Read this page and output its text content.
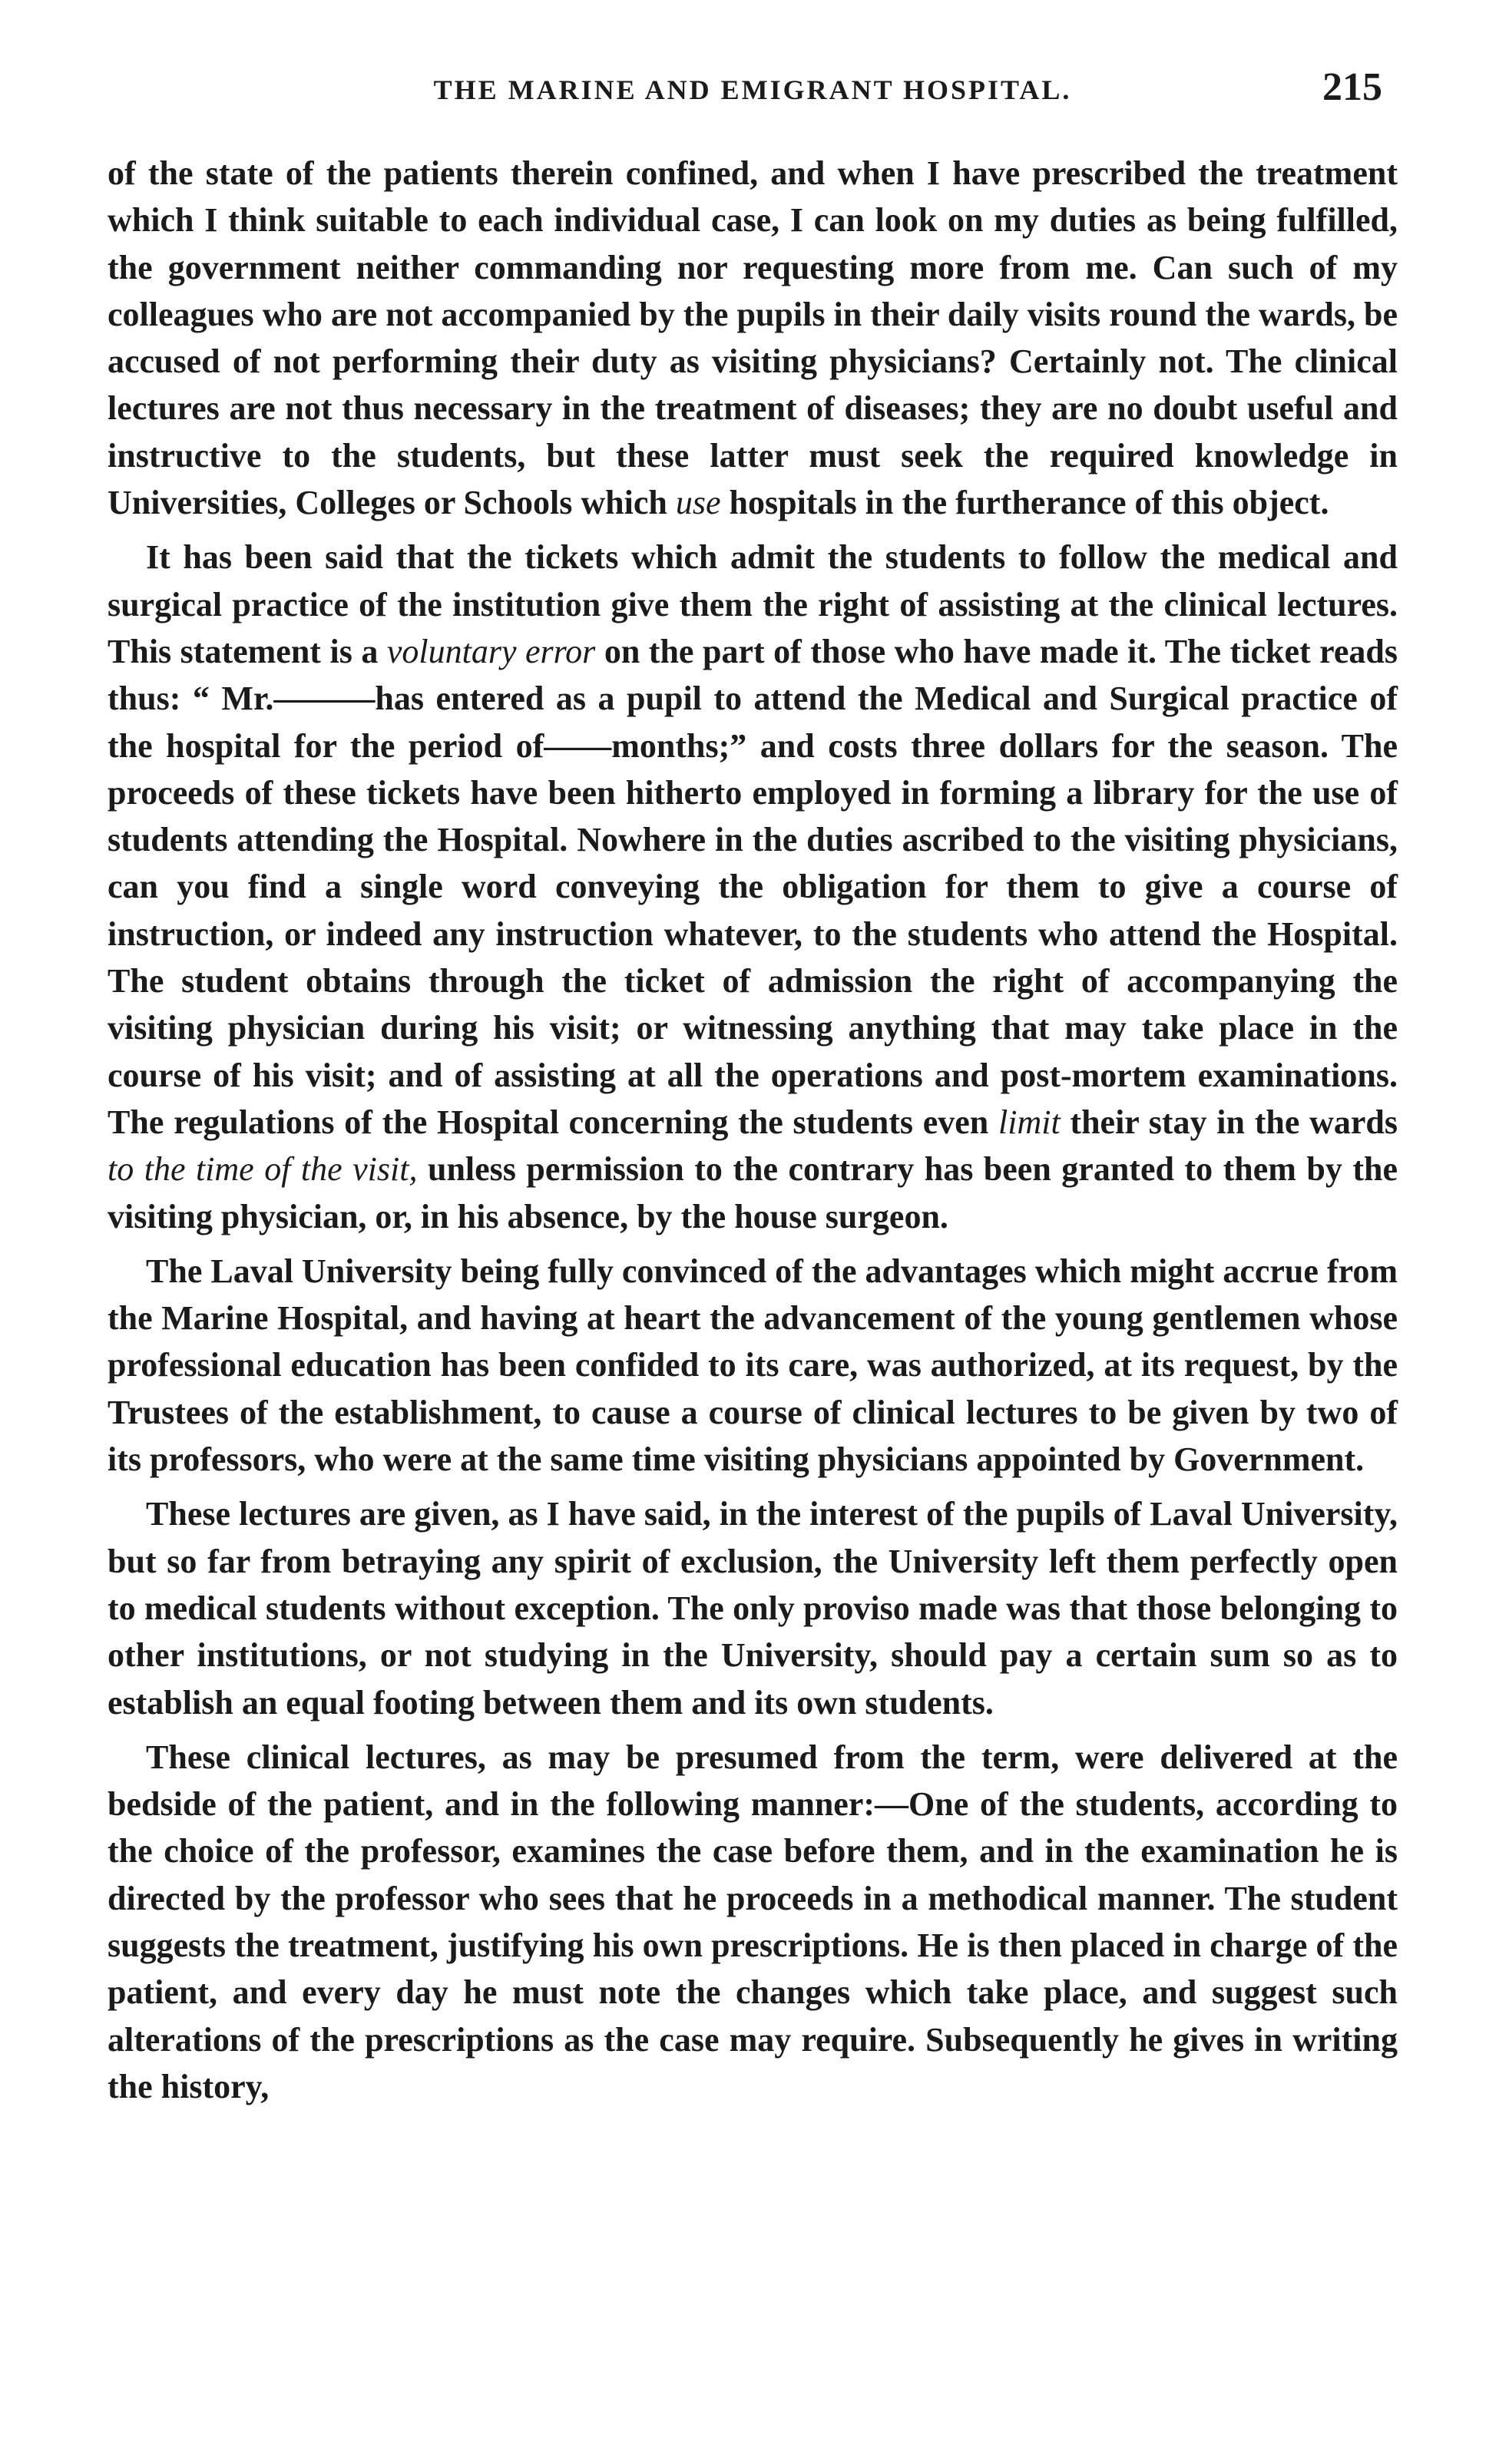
THE MARINE AND EMIGRANT HOSPITAL.	215

of the state of the patients therein confined, and when I have prescribed the treatment which I think suitable to each individual case, I can look on my duties as being fulfilled, the government neither commanding nor requesting more from me. Can such of my colleagues who are not accompanied by the pupils in their daily visits round the wards, be accused of not performing their duty as visiting physicians? Certainly not. The clinical lectures are not thus necessary in the treatment of diseases; they are no doubt useful and instructive to the students, but these latter must seek the required knowledge in Universities, Colleges or Schools which use hospitals in the furtherance of this object.

It has been said that the tickets which admit the students to follow the medical and surgical practice of the institution give them the right of assisting at the clinical lectures. This statement is a voluntary error on the part of those who have made it. The ticket reads thus: “ Mr.———has entered as a pupil to attend the Medical and Surgical practice of the hospital for the period of——months;” and costs three dollars for the season. The proceeds of these tickets have been hitherto employed in forming a library for the use of students attending the Hospital. Nowhere in the duties ascribed to the visiting physicians, can you find a single word conveying the obligation for them to give a course of instruction, or indeed any instruction whatever, to the students who attend the Hospital. The student obtains through the ticket of admission the right of accompanying the visiting physician during his visit; or witnessing anything that may take place in the course of his visit; and of assisting at all the operations and post-mortem examinations. The regulations of the Hospital concerning the students even limit their stay in the wards to the time of the visit, unless permission to the contrary has been granted to them by the visiting physician, or, in his absence, by the house surgeon.

The Laval University being fully convinced of the advantages which might accrue from the Marine Hospital, and having at heart the advancement of the young gentlemen whose professional education has been confided to its care, was authorized, at its request, by the Trustees of the establishment, to cause a course of clinical lectures to be given by two of its professors, who were at the same time visiting physicians appointed by Government.

These lectures are given, as I have said, in the interest of the pupils of Laval University, but so far from betraying any spirit of exclusion, the University left them perfectly open to medical students without exception. The only proviso made was that those belonging to other institutions, or not studying in the University, should pay a certain sum so as to establish an equal footing between them and its own students.

These clinical lectures, as may be presumed from the term, were delivered at the bedside of the patient, and in the following manner:—One of the students, according to the choice of the professor, examines the case before them, and in the examination he is directed by the professor who sees that he proceeds in a methodical manner. The student suggests the treatment, justifying his own prescriptions. He is then placed in charge of the patient, and every day he must note the changes which take place, and suggest such alterations of the prescriptions as the case may require. Subsequently he gives in writing the history,
